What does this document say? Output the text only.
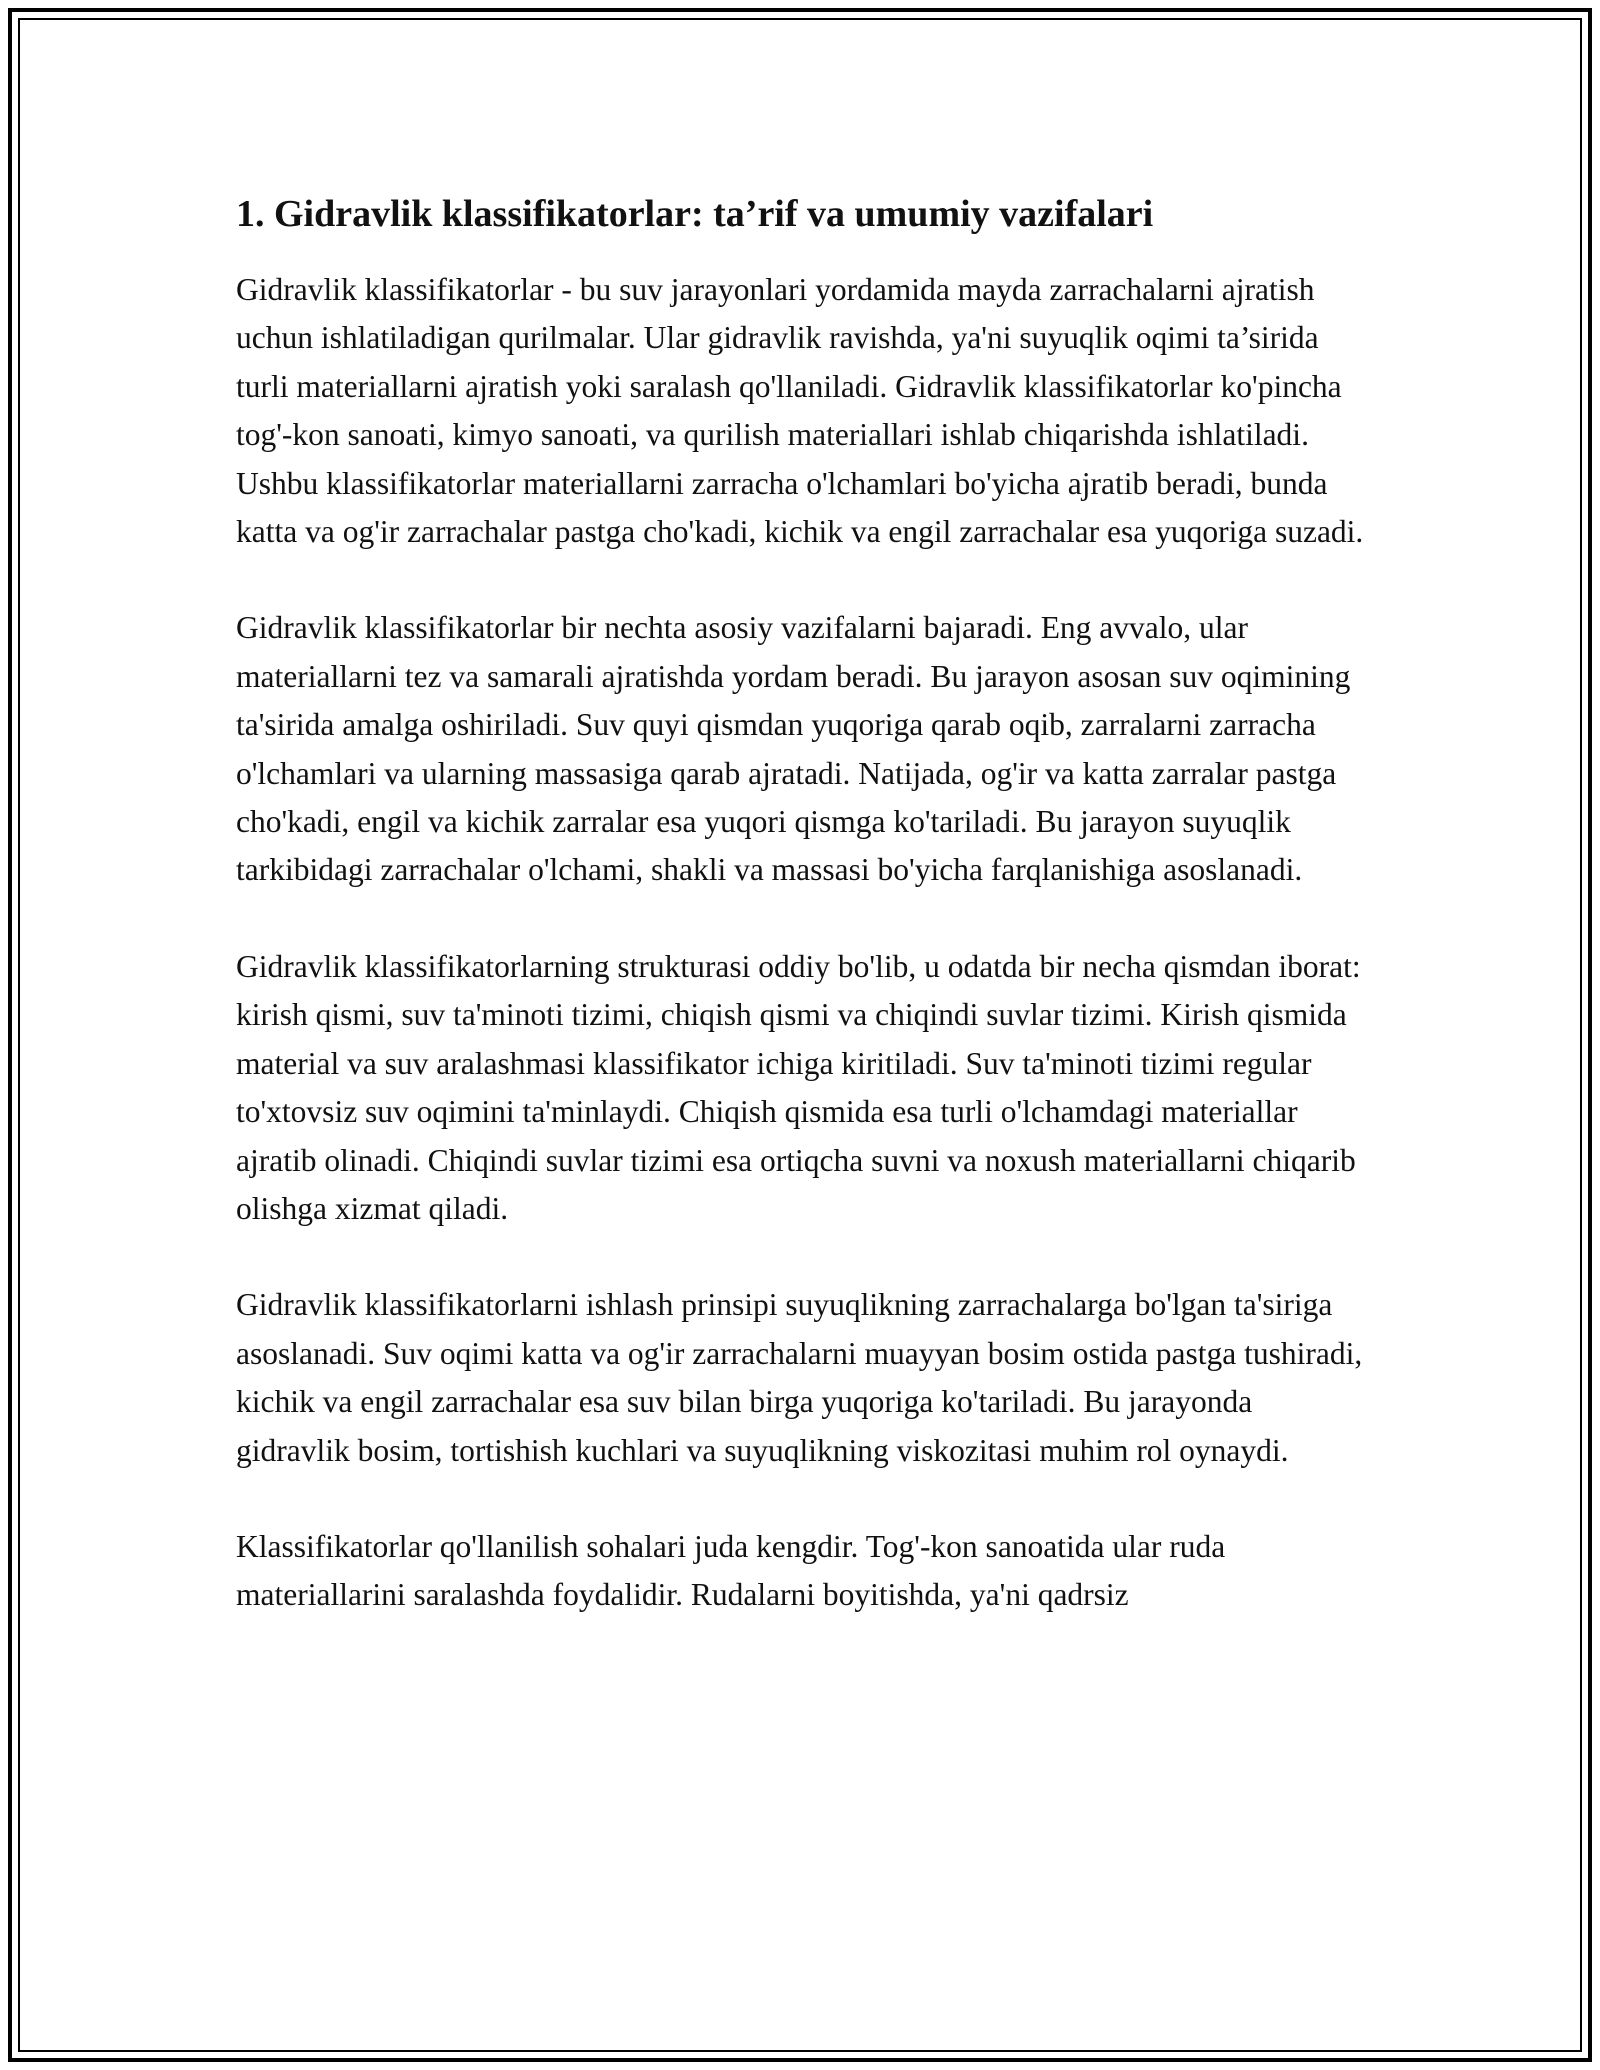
1. Gidravlik klassifikatorlar: ta’rif va umumiy vazifalari

Gidravlik klassifikatorlar - bu suv jarayonlari yordamida mayda zarrachalarni ajratish uchun ishlatiladigan qurilmalar. Ular gidravlik ravishda, ya'ni suyuqlik oqimi ta’sirida turli materiallarni ajratish yoki saralash qo'llaniladi. Gidravlik klassifikatorlar ko'pincha tog'-kon sanoati, kimyo sanoati, va qurilish materiallari ishlab chiqarishda ishlatiladi. Ushbu klassifikatorlar materiallarni zarracha o'lchamlari bo'yicha ajratib beradi, bunda katta va og'ir zarrachalar pastga cho'kadi, kichik va engil zarrachalar esa yuqoriga suzadi.

Gidravlik klassifikatorlar bir nechta asosiy vazifalarni bajaradi. Eng avvalo, ular materiallarni tez va samarali ajratishda yordam beradi. Bu jarayon asosan suv oqimining ta'sirida amalga oshiriladi. Suv quyi qismdan yuqoriga qarab oqib, zarralarni zarracha o'lchamlari va ularning massasiga qarab ajratadi. Natijada, og'ir va katta zarralar pastga cho'kadi, engil va kichik zarralar esa yuqori qismga ko'tariladi. Bu jarayon suyuqlik tarkibidagi zarrachalar o'lchami, shakli va massasi bo'yicha farqlanishiga asoslanadi.

Gidravlik klassifikatorlarning strukturasi oddiy bo'lib, u odatda bir necha qismdan iborat: kirish qismi, suv ta'minoti tizimi, chiqish qismi va chiqindi suvlar tizimi. Kirish qismida material va suv aralashmasi klassifikator ichiga kiritiladi. Suv ta'minoti tizimi regular to'xtovsiz suv oqimini ta'minlaydi. Chiqish qismida esa turli o'lchamdagi materiallar ajratib olinadi. Chiqindi suvlar tizimi esa ortiqcha suvni va noxush materiallarni chiqarib olishga xizmat qiladi.

Gidravlik klassifikatorlarni ishlash prinsipi suyuqlikning zarrachalarga bo'lgan ta'siriga asoslanadi. Suv oqimi katta va og'ir zarrachalarni muayyan bosim ostida pastga tushiradi, kichik va engil zarrachalar esa suv bilan birga yuqoriga ko'tariladi. Bu jarayonda gidravlik bosim, tortishish kuchlari va suyuqlikning viskozitasi muhim rol oynaydi.

Klassifikatorlar qo'llanilish sohalari juda kengdir. Tog'-kon sanoatida ular ruda materiallarini saralashda foydalidir. Rudalarni boyitishda, ya'ni qadrsiz
